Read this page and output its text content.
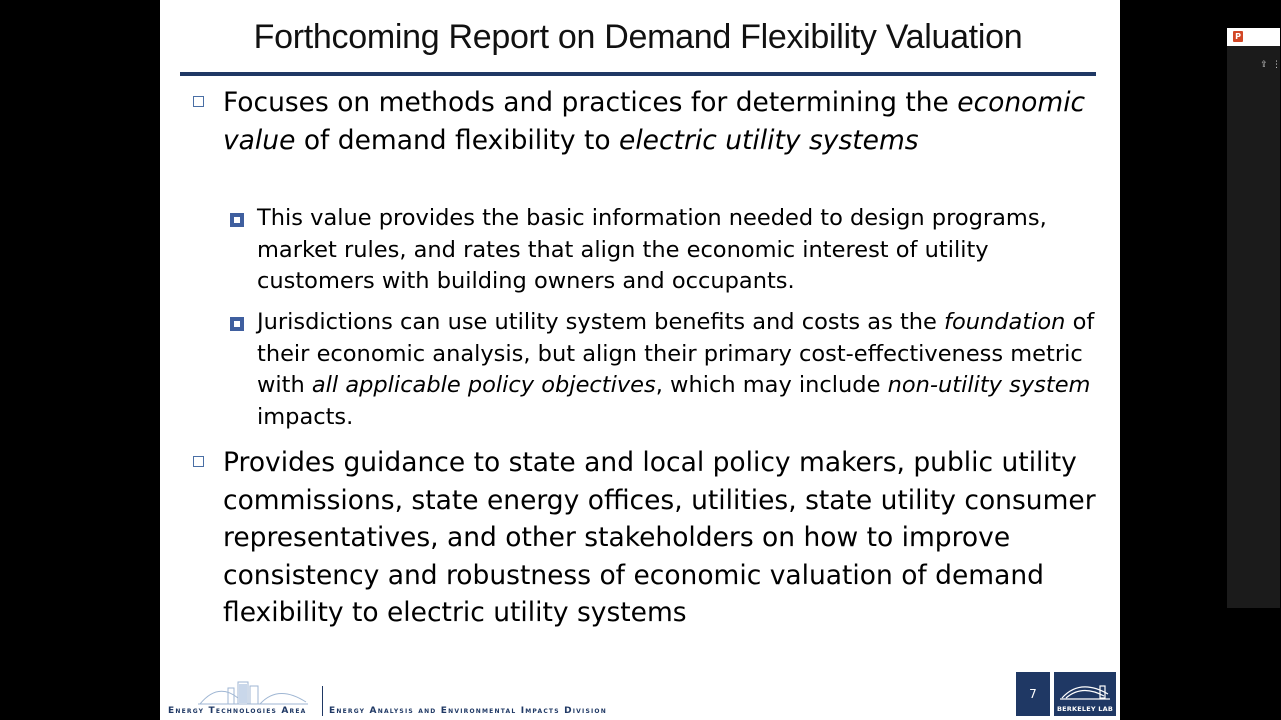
Forthcoming Report on Demand Flexibility Valuation
Focuses on methods and practices for determining the economic value of demand flexibility to electric utility systems
This value provides the basic information needed to design programs, market rules, and rates that align the economic interest of utility customers with building owners and occupants.
Jurisdictions can use utility system benefits and costs as the foundation of their economic analysis, but align their primary cost-effectiveness metric with all applicable policy objectives, which may include non-utility system impacts.
Provides guidance to state and local policy makers, public utility commissions, state energy offices, utilities, state utility consumer representatives, and other stakeholders on how to improve consistency and robustness of economic valuation of demand flexibility to electric utility systems
Energy Technologies Area	Energy Analysis and Environmental Impacts Division
7
BERKELEY LAB
P
⇪ ⋮
